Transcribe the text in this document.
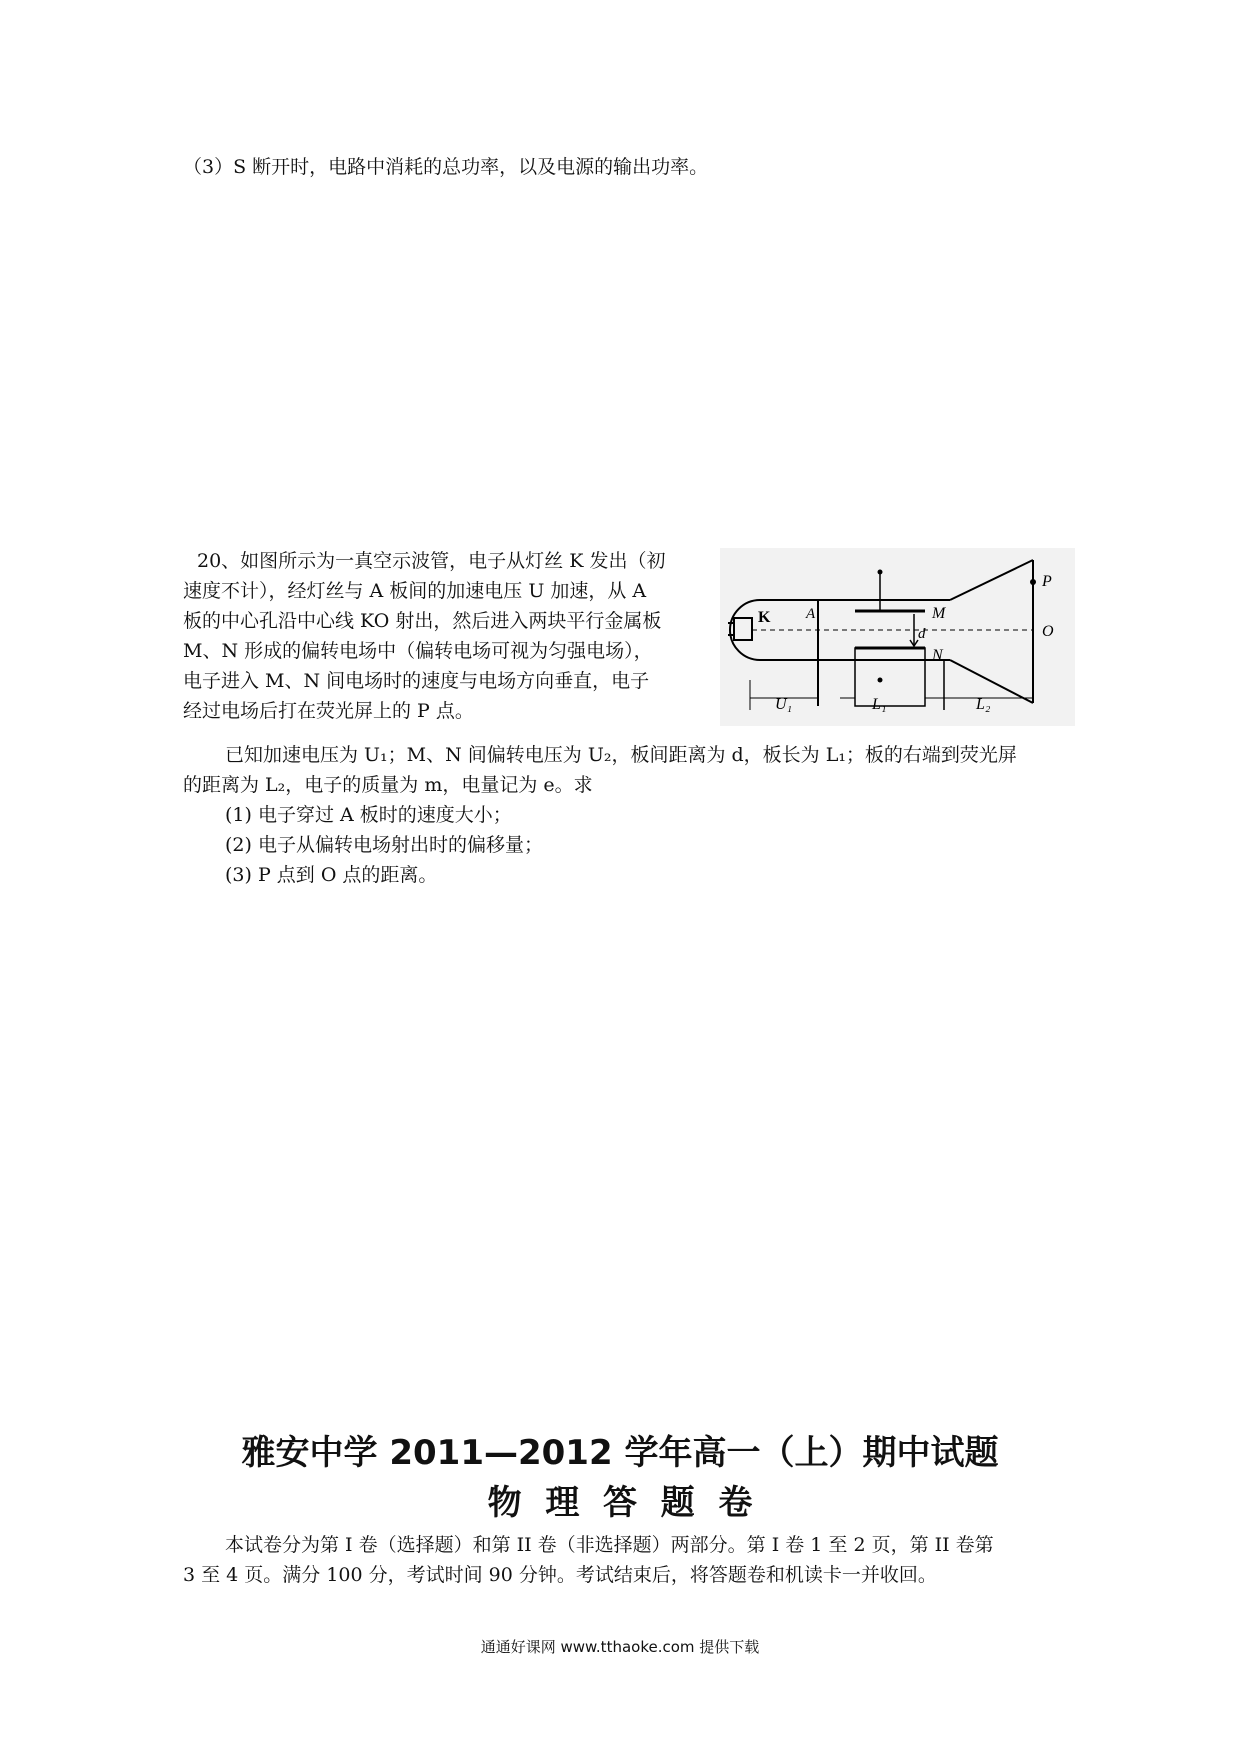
（3）S 断开时，电路中消耗的总功率，以及电源的输出功率。

20、如图所示为一真空示波管，电子从灯丝 K 发出（初

速度不计），经灯丝与 A 板间的加速电压 U 加速，从 A

板的中心孔沿中心线 KO 射出，然后进入两块平行金属板

M、N 形成的偏转电场中（偏转电场可视为匀强电场），

电子进入 M、N 间电场时的速度与电场方向垂直，电子

经过电场后打在荧光屏上的 P 点。

K A	M
d
N
P
O
U₁	L₁	L₂

已知加速电压为 U₁；M、N 间偏转电压为 U₂，板间距离为 d，板长为 L₁；板的右端到荧光屏

的距离为 L₂，电子的质量为 m，电量记为 e。求

(1) 电子穿过 A 板时的速度大小；

(2) 电子从偏转电场射出时的偏移量；

(3) P 点到 O 点的距离。

雅安中学 2011—2012 学年高一（上）期中试题
物  理  答  题  卷

本试卷分为第 I 卷（选择题）和第 II 卷（非选择题）两部分。第 I 卷 1 至 2 页，第 II 卷第

3 至 4 页。满分 100 分，考试时间 90 分钟。考试结束后，将答题卷和机读卡一并收回。

通通好课网 www.tthaoke.com 提供下载
